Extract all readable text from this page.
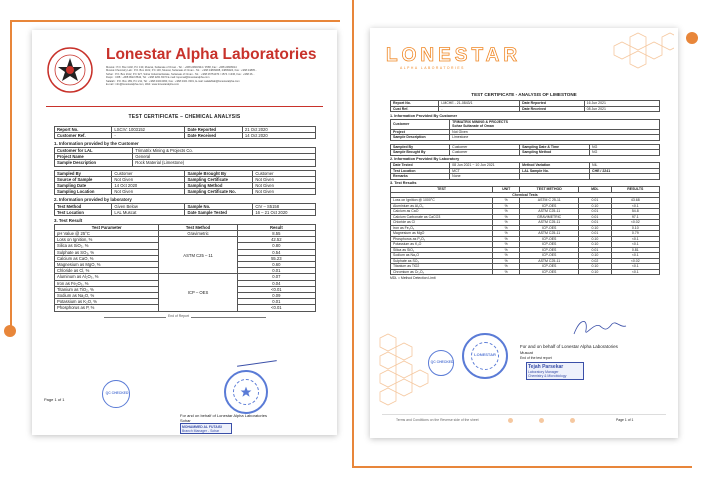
Lonestar Alpha Laboratories
Muscat : P.O. Box 1102, P.C 130, Muscat, Sultanate of Oman - Tel. : +968 24823344 / 3568, Fax : +968 24826614
Muscat Chemistry Lab : P.O. Box 1102, P.C 130, Muscat, Sultanate of Oman - Tel. : +968 24809008, 24809024, Fax : +968 24805...
Sohar : P.O. Box 2112, P.C 327, Sohar Industrial Estate, Sultanate of Oman - Tel. : +968 26751370 / 1574 / 1336, Fax : +968 26...
Duqm : CR8 : +968 9922 8642, Tel : +968 2201 8272 E-mail: lopumal@lonestaralpha.com
Salalah : P.O. Box 189, P.C 211, Tel : +968 23213390, Fax : +968 2321 3301, E-mail: salalahlab@lonestaralpha.com
E-mail : info@lonestaralpha.com, Web: www.lonestaralpha.com
TEST CERTIFICATE – CHEMICAL ANALYSIS
Report No.	LSCIV: 1003152	Date Reported	21 Oct 2020
Customer Ref.	-	Date Received	14 Oct 2020
1. Information provided by the Customer
Customer for LAL	Trimatrix Mining & Projects Co.
Project Name	General
Sample Description	Rock Material (Limestone)
Sampled By	Customer	Sample Brought By	Customer
Source of Sample	Not Given	Sampling Certificate	Not Given
Sampling Date	14 Oct 2020	Sampling Method	Not Given
Sampling Location	Not Given	Sampling Certificate No.	Not Given
2. Information provided by laboratory
Test Method	Given Below	Sample No.	CIV – S5158
Test Location	LAL Muscat	Date Sample Tested	16 – 21 Oct 2020
3. Test Result
Test Parameter	Test Method	Result
pH Value @ 25°C	Gravimetric	8.55
Loss on Ignition, %	ASTM C25 – 11	42.52
Silica as SiO₂, %		0.80
Sulphate as SO₃, %		0.54
Calcium as CaO, %		55.23
Magnesium as MgO, %		0.60
Chloride as Cl, %		0.01
Aluminum as Al₂O₃, %	ICP – OES	0.07
Iron as Fe₂O₃, %		0.04
Titanium as TiO₂, %		<0.01
Sodium as Na₂O, %		0.09
Potassium as K₂O, %		0.01
Phosphorus as P, %		<0.01
End of Report
QC CHECKED
For and on behalf of Lonestar Alpha Laboratories
Sohar
MOHAMMED AL FUTAISI
Branch Manager - Sohar
Page 1 of 1
LONESTAR
ALPHA LABORATORIES
TEST CERTIFICATE - ANALYSIS OF LIMESTONE
Report No.	LMCHE - 21-0843/1	Date Reported	16 Jun 2021
Cust Ref.	-	Date Received	08 Jun 2021
1. Information Provided By Customer
Customer	TRIMATRIX MINING & PROJECTS
Sohar Sultanate of Oman
Project	Not Given
Sample Description	Limestone
Sampled By	Customer	Sampling Date & Time	NG
Sample Brought By	Customer	Sampling Method	NG
2. Information Provided By Laboratory
Date Tested	08 Jun 2021 ~ 10 Jun 2021	Method Variation	NIL
Test Location	MCT	LAL Sample No.	CHE / 2241
Remarks	None		
3. Test Results
TEST	UNIT	TEST METHOD	MDL	RESULTS
Chemical Tests				
Loss on Ignition @ 1000°C	%	ASTM C 25-11	0.01	43.68
Aluminium as Al₂O₃	%	ICP-OES	0.10	<0.1
Calcium as CaO	%	ASTM C25-11	0.01	54.8
Calcium Carbonate as CaCO3	%	GRAVIMETRIC	0.01	97.1
Chloride as Cl	%	ASTM C25-11	0.01	<0.02
Iron as Fe₂O₃	%	ICP-OES	0.10	0.10
Magnesium as MgO	%	ASTM C25-11	0.01	0.79
Phosphorus as P₂O₅	%	ICP-OES	0.10	<0.1
Potassium as K₂O	%	ICP-OES	0.10	<0.1
Silica as SiO₂	%	ICP-OES	0.01	0.81
Sodium as Na₂O	%	ICP-OES	0.10	<0.1
Sulphate as SO₃	%	ASTM C25-11	0.02	<0.02
Titanium as TiO2	%	ICP-OES	0.10	<0.1
Chromium as Cr₂O₃	%	ICP-OES	0.10	<0.1
MDL = Method Detection Limit
QC CHECKED
LONESTAR
For and on behalf of Lonestar Alpha Laboratories
Muscat
End of the test report
Tejah Parsekar
Laboratory Manager
Chemistry & Microbiology
Terms and Conditions on the Reverse side of the sheet	Page 1 of 1
